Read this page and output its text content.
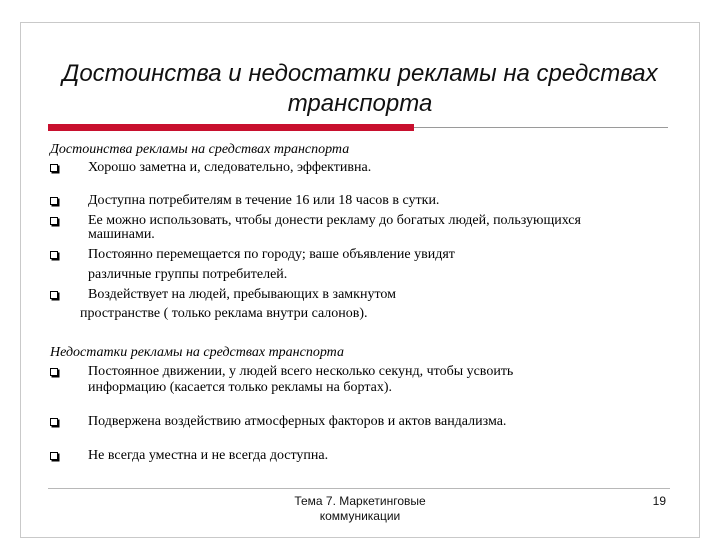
Достоинства и недостатки рекламы на средствах
транспорта
Достоинства рекламы на средствах транспорта
Хорошо заметна и, следовательно, эффективна.
Доступна потребителям в течение 16 или 18 часов в сутки.
Ее можно использовать, чтобы донести рекламу до богатых людей, пользующихся
машинами.
Постоянно перемещается по городу; ваше объявление увидят
различные группы потребителей.
Воздействует на людей, пребывающих в замкнутом
пространстве ( только реклама внутри салонов).
Недостатки рекламы на средствах транспорта
Постоянное движении, у людей всего несколько секунд, чтобы усвоить
информацию (касается только рекламы на бортах).
Подвержена воздействию атмосферных факторов и актов вандализма.
Не всегда уместна и не всегда доступна.
Тема 7. Маркетинговые
коммуникации
19
